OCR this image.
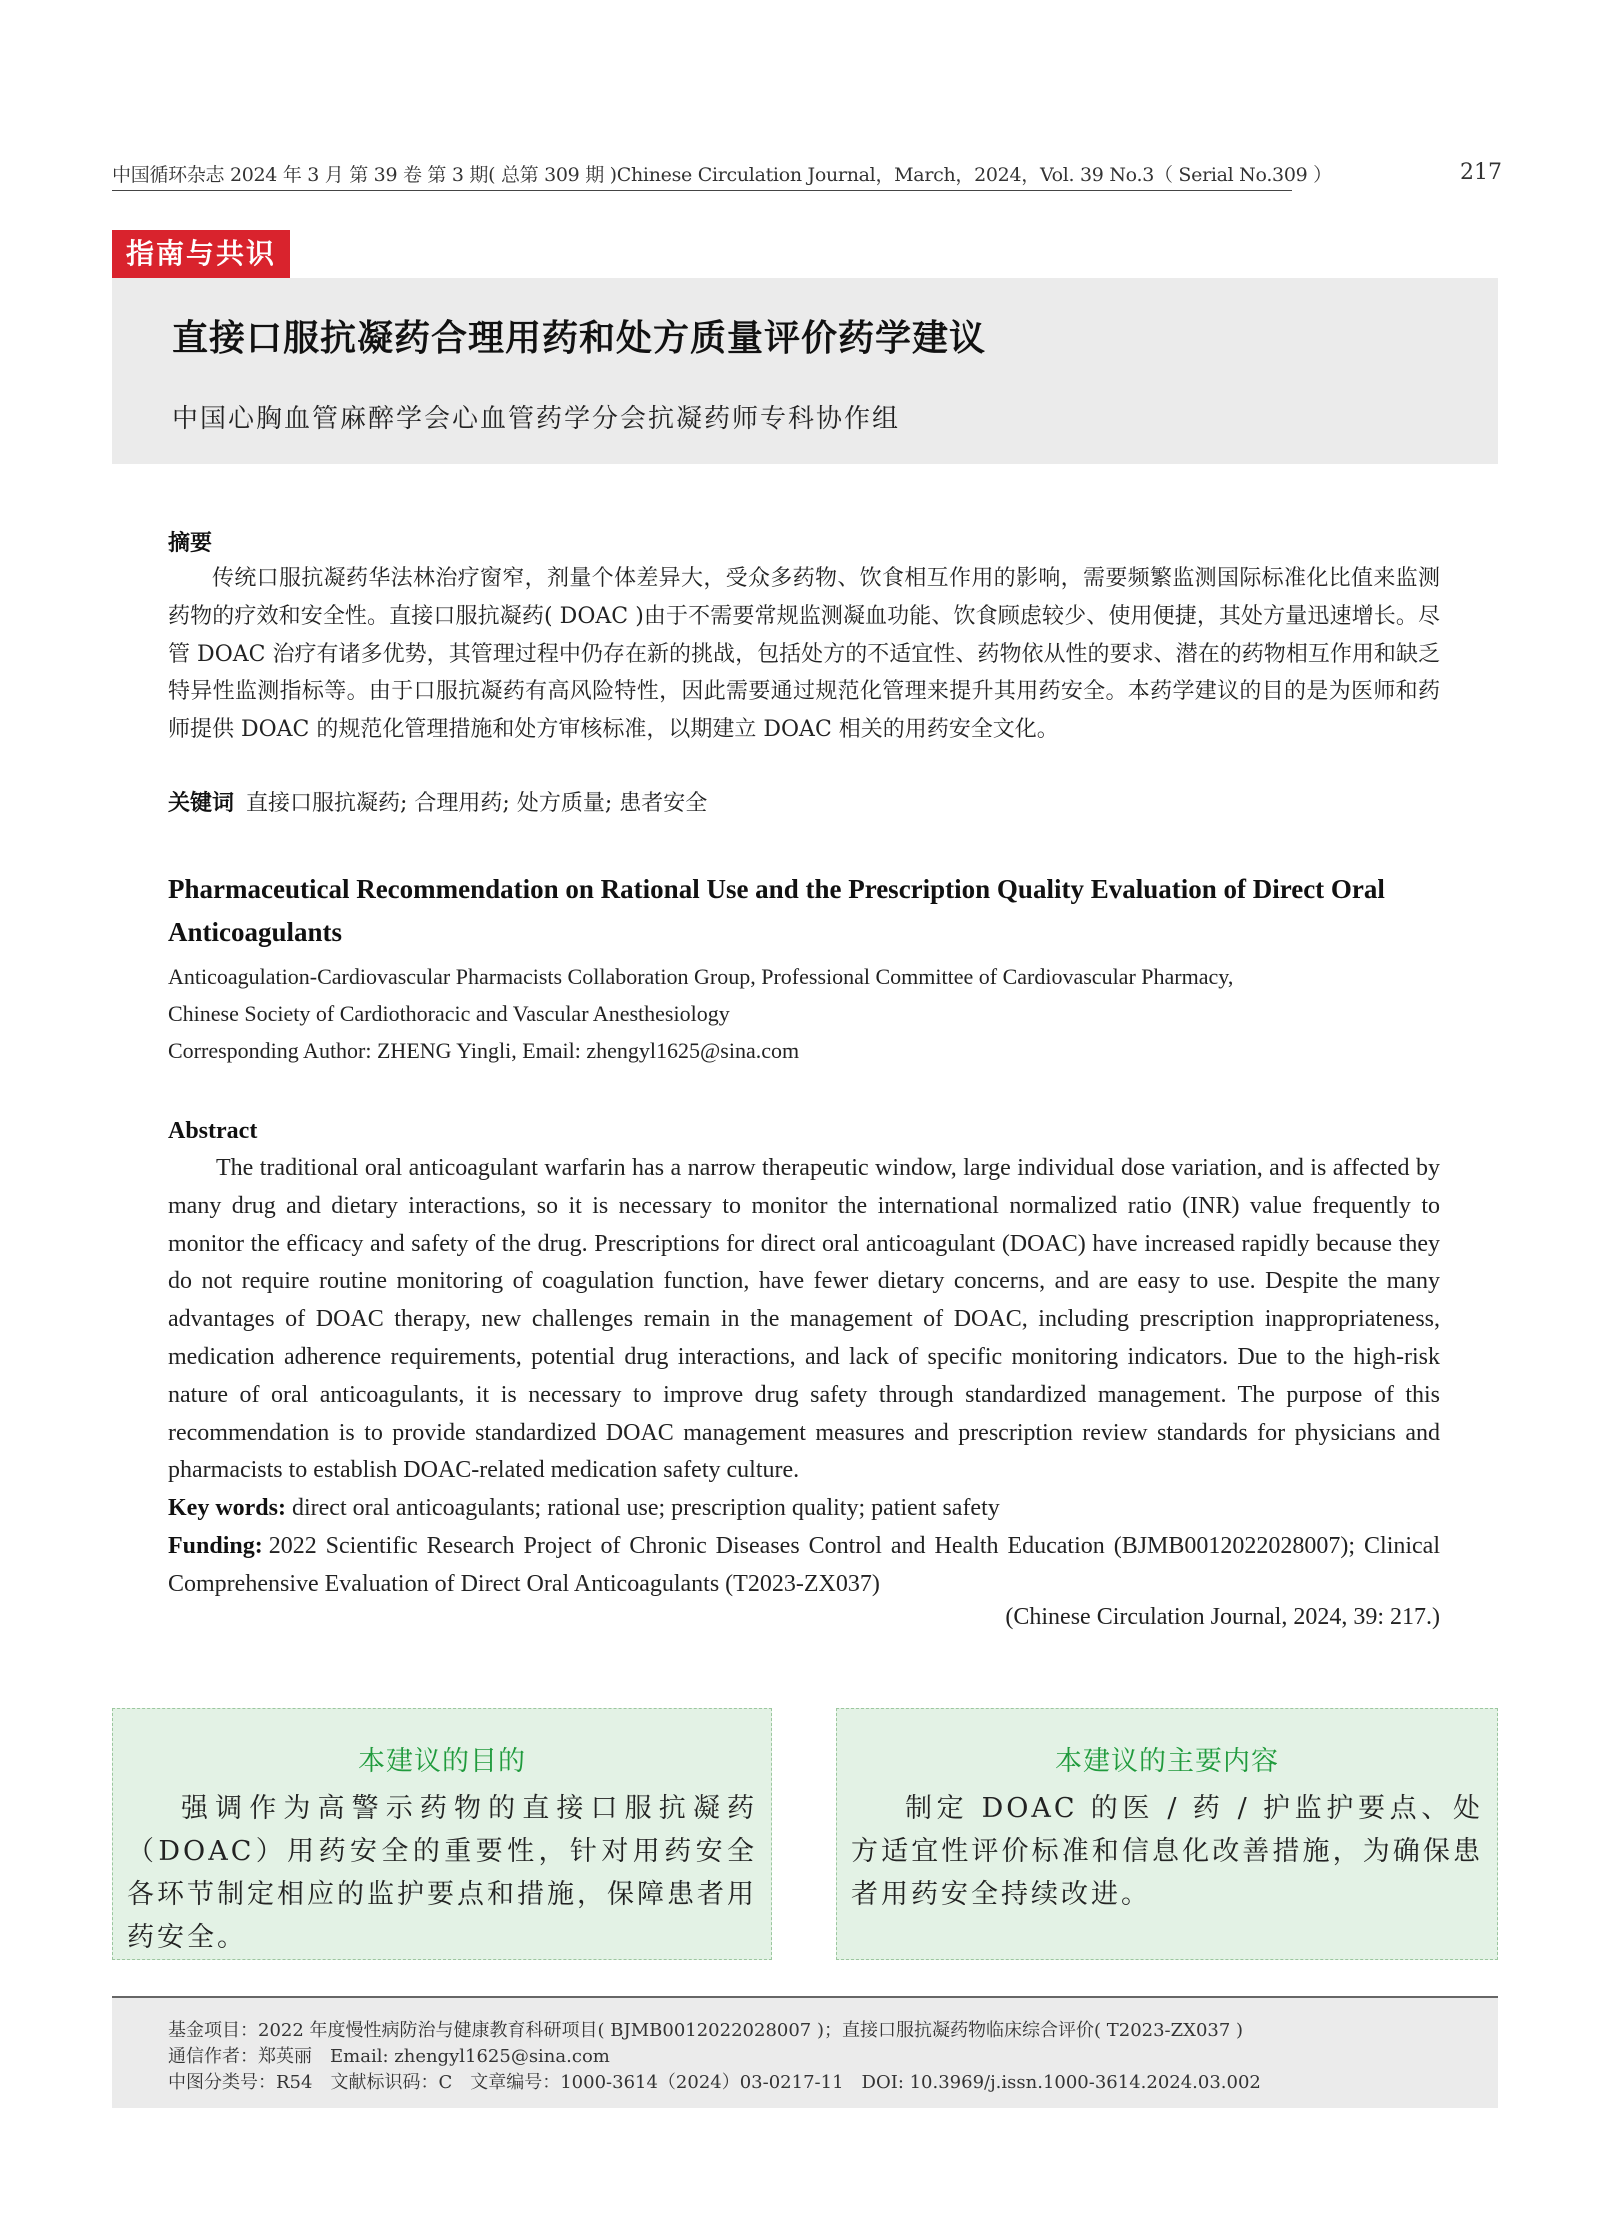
中国循环杂志 2024 年 3 月 第 39 卷 第 3 期( 总第 309 期 )Chinese Circulation Journal，March，2024，Vol. 39 No.3（ Serial No.309 ）	217
指南与共识
直接口服抗凝药合理用药和处方质量评价药学建议
中国心胸血管麻醉学会心血管药学分会抗凝药师专科协作组
摘要

传统口服抗凝药华法林治疗窗窄，剂量个体差异大，受众多药物、饮食相互作用的影响，需要频繁监测国际标准化比值来监测药物的疗效和安全性。直接口服抗凝药( DOAC )由于不需要常规监测凝血功能、饮食顾虑较少、使用便捷，其处方量迅速增长。尽管 DOAC 治疗有诸多优势，其管理过程中仍存在新的挑战，包括处方的不适宜性、药物依从性的要求、潜在的药物相互作用和缺乏特异性监测指标等。由于口服抗凝药有高风险特性，因此需要通过规范化管理来提升其用药安全。本药学建议的目的是为医师和药师提供 DOAC 的规范化管理措施和处方审核标准，以期建立 DOAC 相关的用药安全文化。

关键词 直接口服抗凝药; 合理用药; 处方质量; 患者安全

Pharmaceutical Recommendation on Rational Use and the Prescription Quality Evaluation of Direct Oral Anticoagulants

Anticoagulation-Cardiovascular Pharmacists Collaboration Group, Professional Committee of Cardiovascular Pharmacy,
Chinese Society of Cardiothoracic and Vascular Anesthesiology
Corresponding Author: ZHENG Yingli, Email: zhengyl1625@sina.com
Abstract

The traditional oral anticoagulant warfarin has a narrow therapeutic window, large individual dose variation, and is affected by many drug and dietary interactions, so it is necessary to monitor the international normalized ratio (INR) value frequently to monitor the efficacy and safety of the drug. Prescriptions for direct oral anticoagulant (DOAC) have increased rapidly because they do not require routine monitoring of coagulation function, have fewer dietary concerns, and are easy to use. Despite the many advantages of DOAC therapy, new challenges remain in the management of DOAC, including prescription inappropriateness, medication adherence requirements, potential drug interactions, and lack of specific monitoring indicators. Due to the high-risk nature of oral anticoagulants, it is necessary to improve drug safety through standardized management. The purpose of this recommendation is to provide standardized DOAC management measures and prescription review standards for physicians and pharmacists to establish DOAC-related medication safety culture.

Key words: direct oral anticoagulants; rational use; prescription quality; patient safety
Funding: 2022 Scientific Research Project of Chronic Diseases Control and Health Education (BJMB0012022028007); Clinical Comprehensive Evaluation of Direct Oral Anticoagulants (T2023-ZX037)
(Chinese Circulation Journal, 2024, 39: 217.)
本建议的目的

强调作为高警示药物的直接口服抗凝药（DOAC）用药安全的重要性，针对用药安全各环节制定相应的监护要点和措施，保障患者用药安全。

本建议的主要内容

制定 DOAC 的医 / 药 / 护监护要点、处方适宜性评价标准和信息化改善措施，为确保患者用药安全持续改进。

基金项目：2022 年度慢性病防治与健康教育科研项目( BJMB0012022028007 )；直接口服抗凝药物临床综合评价( T2023-ZX037 )
通信作者：郑英丽　Email: zhengyl1625@sina.com
中图分类号：R54　文献标识码：C　文章编号：1000-3614（2024）03-0217-11　DOI: 10.3969/j.issn.1000-3614.2024.03.002
